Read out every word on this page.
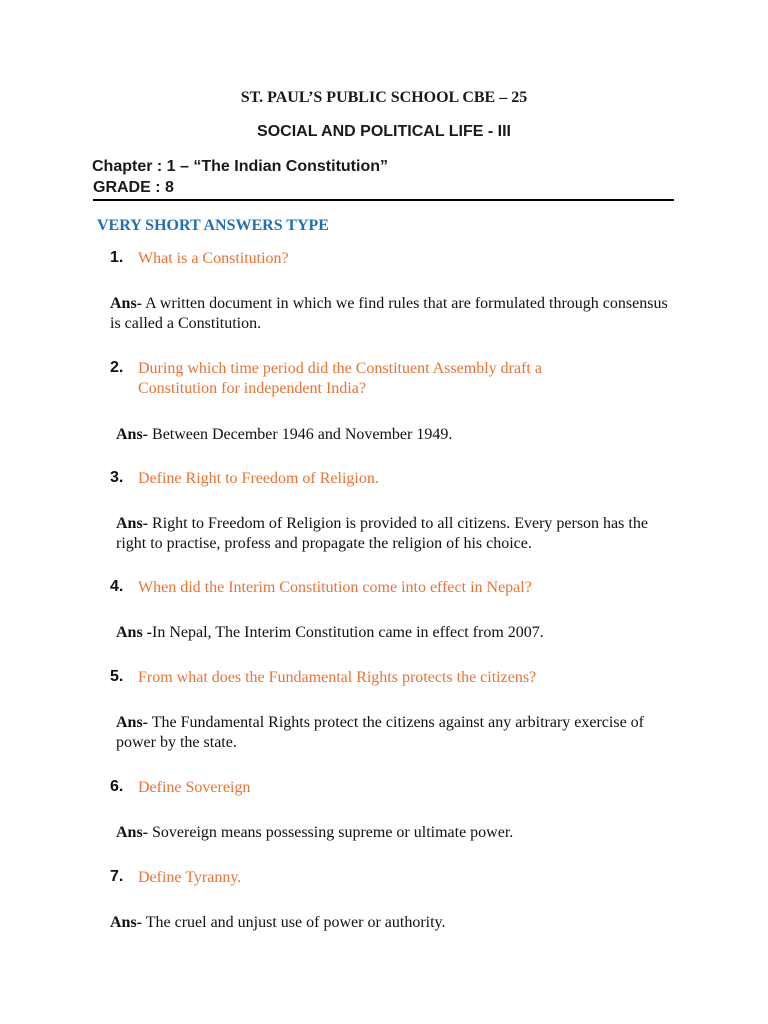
ST. PAUL’S PUBLIC SCHOOL CBE – 25
SOCIAL AND POLITICAL LIFE - III
Chapter : 1 – “The Indian Constitution”
GRADE : 8
VERY SHORT ANSWERS TYPE
1. What is a Constitution?
Ans- A written document in which we find rules that are formulated through consensus is called a Constitution.
2. During which time period did the Constituent Assembly draft a Constitution for independent India?
Ans- Between December 1946 and November 1949.
3. Define Right to Freedom of Religion.
Ans- Right to Freedom of Religion is provided to all citizens. Every person has the right to practise, profess and propagate the religion of his choice.
4. When did the Interim Constitution come into effect in Nepal?
Ans -In Nepal, The Interim Constitution came in effect from 2007.
5. From what does the Fundamental Rights protects the citizens?
Ans- The Fundamental Rights protect the citizens against any arbitrary exercise of power by the state.
6. Define Sovereign
Ans- Sovereign means possessing supreme or ultimate power.
7. Define Tyranny.
Ans- The cruel and unjust use of power or authority.
